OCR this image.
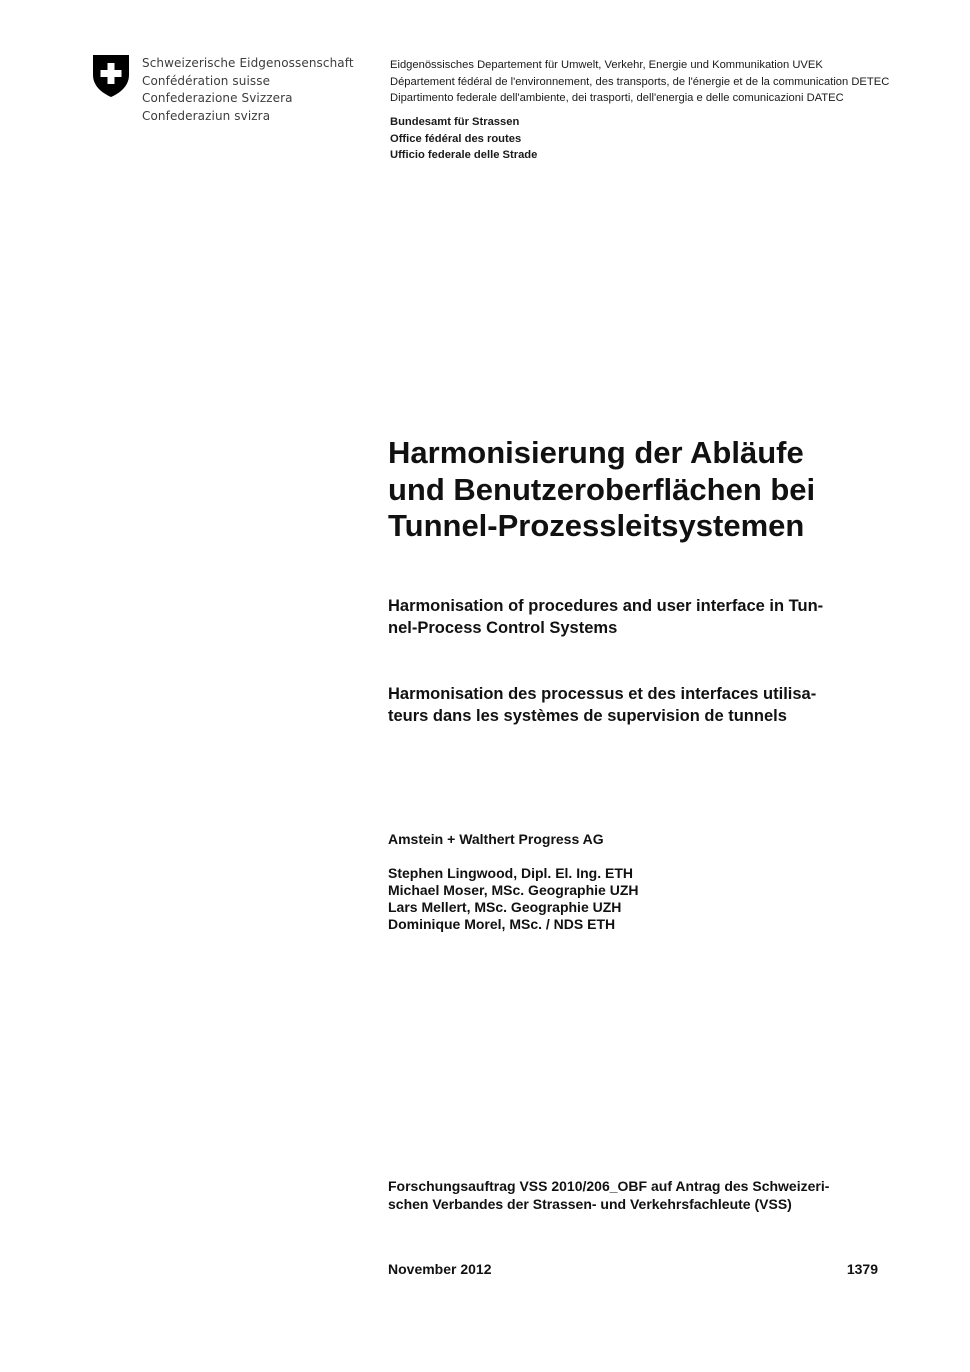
Schweizerische Eidgenossenschaft
Confédération suisse
Confederazione Svizzera
Confederaziun svizra
Eidgenössisches Departement für Umwelt, Verkehr, Energie und Kommunikation UVEK
Département fédéral de l'environnement, des transports, de l'énergie et de la communication DETEC
Dipartimento federale dell'ambiente, dei trasporti, dell'energia e delle comunicazioni DATEC
Bundesamt für Strassen
Office fédéral des routes
Ufficio federale delle Strade
Harmonisierung der Abläufe
und Benutzeroberflächen bei
Tunnel-Prozessleitsystemen
Harmonisation of procedures and user interface in Tun-
nel-Process Control Systems
Harmonisation des processus et des interfaces utilisa-
teurs dans les systèmes de supervision de tunnels
Amstein + Walthert Progress AG
Stephen Lingwood, Dipl. El. Ing. ETH
Michael Moser, MSc. Geographie UZH
Lars Mellert, MSc. Geographie UZH
Dominique Morel, MSc. / NDS ETH
Forschungsauftrag VSS 2010/206_OBF auf Antrag des Schweizeri-
schen Verbandes der Strassen- und Verkehrsfachleute (VSS)
November 2012	1379
